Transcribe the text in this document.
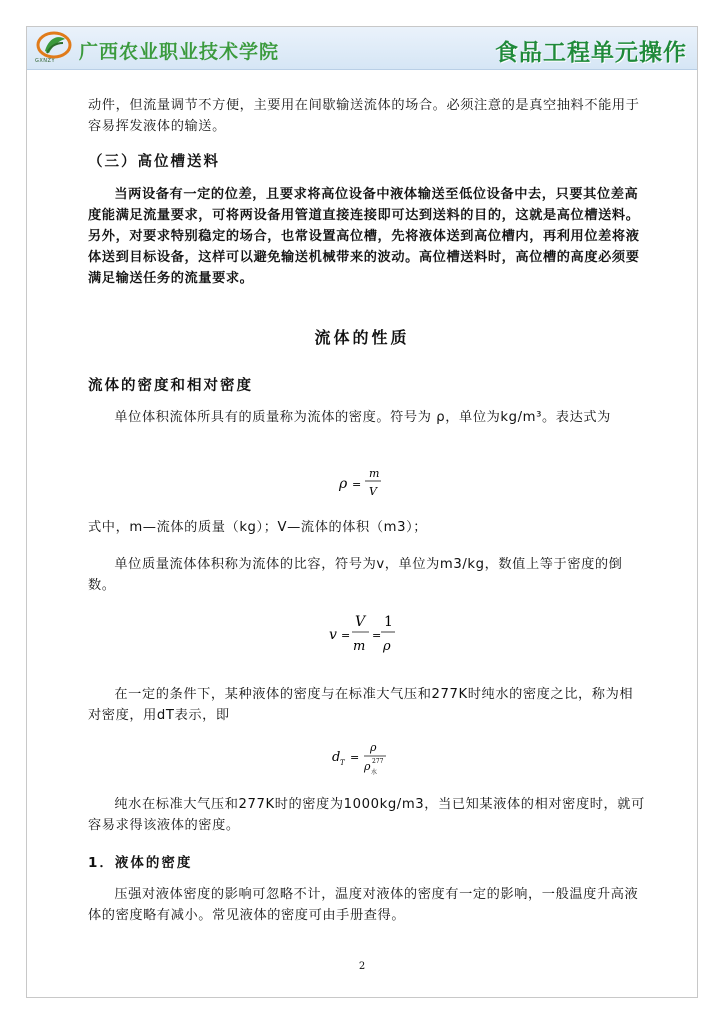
GXNZY 广西农业职业技术学院	食品工程单元操作

动件，但流量调节不方便，主要用在间歇输送流体的场合。必须注意的是真空抽料不能用于容易挥发液体的输送。

（三）高位槽送料

当两设备有一定的位差，且要求将高位设备中液体输送至低位设备中去，只要其位差高度能满足流量要求，可将两设备用管道直接连接即可达到送料的目的，这就是高位槽送料。另外，对要求特别稳定的场合，也常设置高位槽，先将液体送到高位槽内，再利用位差将液体送到目标设备，这样可以避免输送机械带来的波动。高位槽送料时，高位槽的高度必须要满足输送任务的流量要求。

流体的性质
流体的密度和相对密度

单位体积流体所具有的质量称为流体的密度。符号为 ρ，单位为kg/m³。表达式为

ρ =
m
V

式中，m—流体的质量（kg）；V—流体的体积（m3）；

单位质量流体体积称为流体的比容，符号为v，单位为m3/kg，数值上等于密度的倒数。

v =
V
m
=
1
ρ

在一定的条件下，某种液体的密度与在标准大气压和277K时纯水的密度之比，称为相对密度，用dT表示，即

d T =
ρ
ρ 277
水

纯水在标准大气压和277K时的密度为1000kg/m3，当已知某液体的相对密度时，就可容易求得该液体的密度。

1．液体的密度

压强对液体密度的影响可忽略不计，温度对液体的密度有一定的影响，一般温度升高液体的密度略有减小。常见液体的密度可由手册查得。

2
